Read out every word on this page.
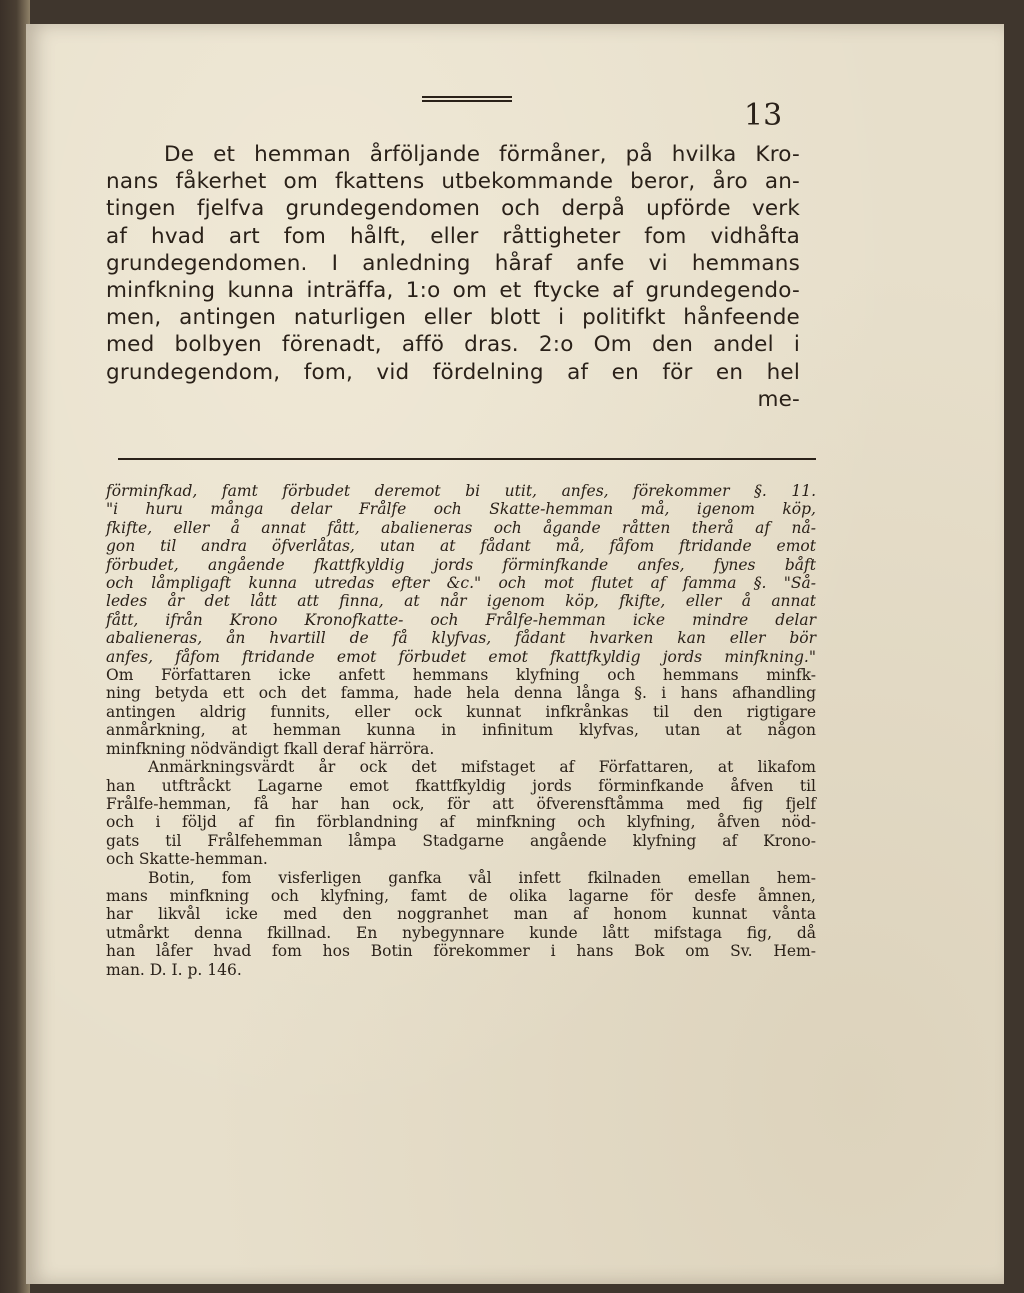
13
De et hemman årföljande förmåner, på hvilka Kro-
nans fåkerhet om fkattens utbekommande beror, åro an-
tingen fjelfva grundegendomen och derpå upförde verk
af hvad art fom hålft, eller råttigheter fom vidhåfta
grundegendomen. I anledning håraf anfe vi hemmans
minfkning kunna inträffa, 1:o om et ftycke af grundegendo-
men, antingen naturligen eller blott i politifkt hånfeende
med bolbyen förenadt, affö dras. 2:o Om den andel i
grundegendom, fom, vid fördelning af en för en hel
me-
förminfkad, famt förbudet deremot bi utit, anfes, förekommer §. 11.
"i huru många delar Frålfe och Skatte-hemman må, igenom köp,
fkifte, eller å annat fått, abalieneras och ågande råtten therå af nå-
gon til andra öfverlåtas, utan at fådant må, fåfom ftridande emot
förbudet, angående fkattfkyldig jords förminfkande anfes, fynes båft
och låmpligaft kunna utredas efter &c." och mot flutet af famma §. "Så-
ledes år det lått att finna, at når igenom köp, fkifte, eller å annat
fått, ifrån Krono Kronofkatte- och Frålfe-hemman icke mindre delar
abalieneras, ån hvartill de få klyfvas, fådant hvarken kan eller bör
anfes, fåfom ftridande emot förbudet emot fkattfkyldig jords minfkning."
Om Författaren icke anfett hemmans klyfning och hemmans minfk-
ning betyda ett och det famma, hade hela denna långa §. i hans afhandling
antingen aldrig funnits, eller ock kunnat infkrånkas til den rigtigare
anmårkning, at hemman kunna in infinitum klyfvas, utan at någon
minfkning nödvändigt fkall deraf härröra.
Anmärkningsvärdt år ock det mifstaget af Författaren, at likafom
han utftråckt Lagarne emot fkattfkyldig jords förminfkande åfven til
Frålfe-hemman, få har han ock, för att öfverensftåmma med fig fjelf
och i följd af fin förblandning af minfkning och klyfning, åfven nöd-
gats til Frålfehemman låmpa Stadgarne angående klyfning af Krono-
och Skatte-hemman.
Botin, fom visferligen ganfka vål infett fkilnaden emellan hem-
mans minfkning och klyfning, famt de olika lagarne för desfe åmnen,
har likvål icke med den noggranhet man af honom kunnat vånta
utmårkt denna fkillnad. En nybegynnare kunde lått mifstaga fig, då
han låfer hvad fom hos Botin förekommer i hans Bok om Sv. Hem-
man. D. I. p. 146.
